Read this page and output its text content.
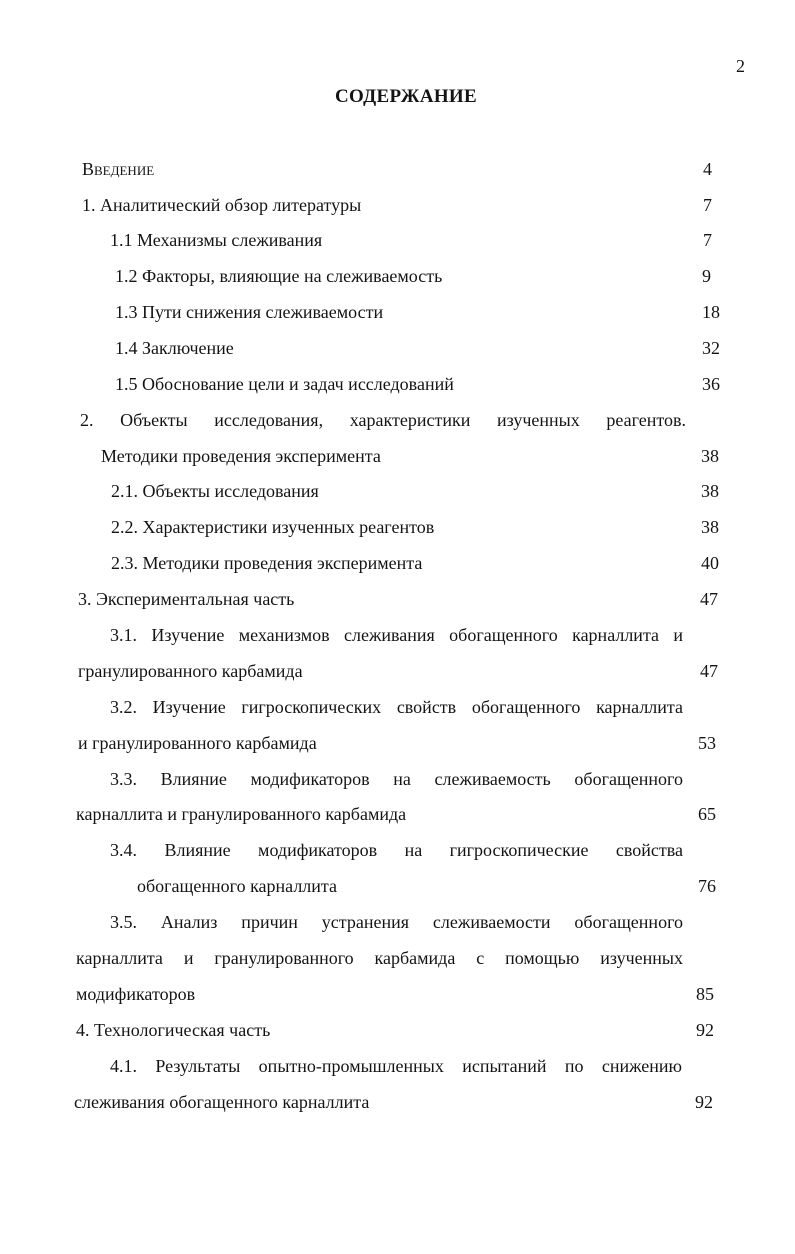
2
СОДЕРЖАНИЕ
Введение	4
1. Аналитический обзор литературы	7
1.1 Механизмы слеживания	7
1.2 Факторы, влияющие на слеживаемость	9
1.3 Пути снижения слеживаемости	18
1.4 Заключение	32
1.5 Обоснование цели и задач исследований	36
2. Объекты исследования, характеристики изученных реагентов.
Методики проведения эксперимента	38
2.1. Объекты исследования	38
2.2. Характеристики изученных реагентов	38
2.3. Методики проведения эксперимента	40
3. Экспериментальная часть	47
3.1. Изучение механизмов слеживания обогащенного карналлита и
гранулированного карбамида	47
3.2. Изучение гигроскопических свойств обогащенного карналлита
и гранулированного карбамида	53
3.3. Влияние модификаторов на слеживаемость обогащенного
карналлита и гранулированного карбамида	65
3.4. Влияние модификаторов на гигроскопические свойства
обогащенного карналлита	76
3.5. Анализ причин устранения слеживаемости обогащенного
карналлита и гранулированного карбамида с помощью изученных
модификаторов	85
4. Технологическая часть	92
4.1. Результаты опытно-промышленных испытаний по снижению
слеживания обогащенного карналлита	92
